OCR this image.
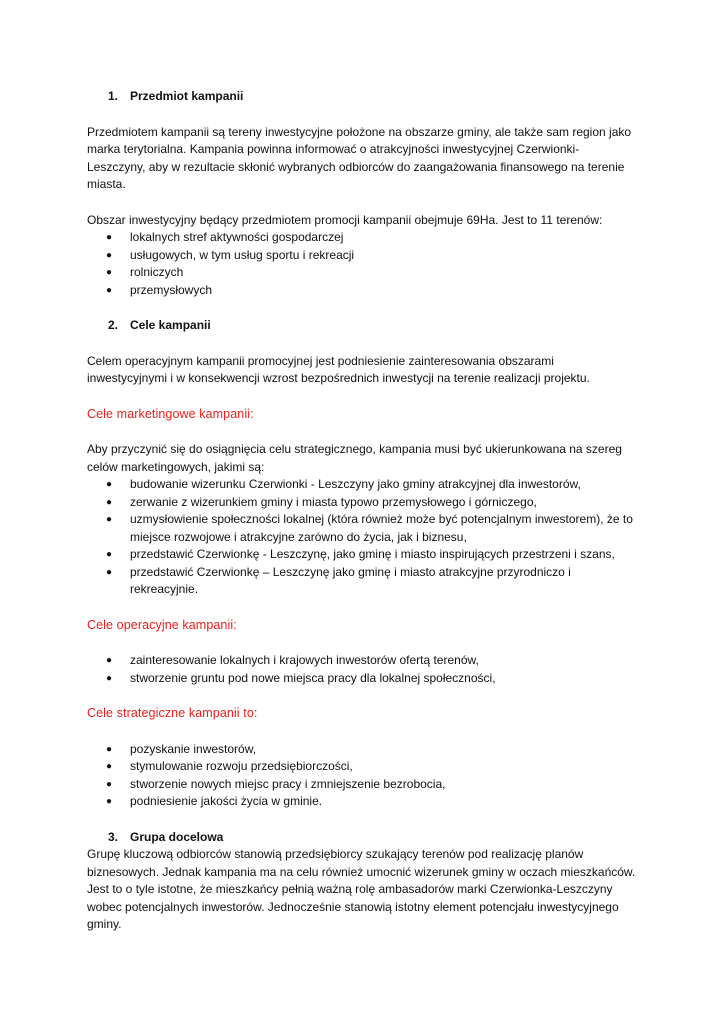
1. Przedmiot kampanii

Przedmiotem kampanii są tereny inwestycyjne położone na obszarze gminy, ale także sam region jako marka terytorialna. Kampania powinna informować o atrakcyjności inwestycyjnej Czerwionki-Leszczyny, aby w rezultacie skłonić wybranych odbiorców do zaangażowania finansowego na terenie miasta.

Obszar inwestycyjny będący przedmiotem promocji kampanii obejmuje 69Ha. Jest to 11 terenów:

●	lokalnych stref aktywności gospodarczej
●	usługowych, w tym usług sportu i rekreacji
●	rolniczych
●	przemysłowych
2. Cele kampanii

Celem operacyjnym kampanii promocyjnej jest podniesienie zainteresowania obszarami inwestycyjnymi i w konsekwencji wzrost bezpośrednich inwestycji na terenie realizacji projektu.

Cele marketingowe kampanii:

Aby przyczynić się do osiągnięcia celu strategicznego, kampania musi być ukierunkowana na szereg celów marketingowych, jakimi są:

●	budowanie wizerunku Czerwionki - Leszczyny jako gminy atrakcyjnej dla inwestorów,
●	zerwanie z wizerunkiem gminy i miasta typowo przemysłowego i górniczego,
●	uzmysłowienie społeczności lokalnej (która również może być potencjalnym inwestorem), że to miejsce rozwojowe i atrakcyjne zarówno do życia, jak i biznesu,
●	przedstawić Czerwionkę - Leszczynę, jako gminę i miasto inspirujących przestrzeni i szans,
●	przedstawić Czerwionkę – Leszczynę jako gminę i miasto atrakcyjne przyrodniczo i rekreacyjnie.

Cele operacyjne kampanii:

●	zainteresowanie lokalnych i krajowych inwestorów ofertą terenów,
●	stworzenie gruntu pod nowe miejsca pracy dla lokalnej społeczności,

Cele strategiczne kampanii to:

●	pozyskanie inwestorów,
●	stymulowanie rozwoju przedsiębiorczości,
●	stworzenie nowych miejsc pracy i zmniejszenie bezrobocia,
●	podniesienie jakości życia w gminie.
3. Grupa docelowa

Grupę kluczową odbiorców stanowią przedsiębiorcy szukający terenów pod realizację planów biznesowych. Jednak kampania ma na celu również umocnić wizerunek gminy w oczach mieszkańców. Jest to o tyle istotne, że mieszkańcy pełnią ważną rolę ambasadorów marki Czerwionka-Leszczyny wobec potencjalnych inwestorów. Jednocześnie stanowią istotny element potencjału inwestycyjnego gminy.
